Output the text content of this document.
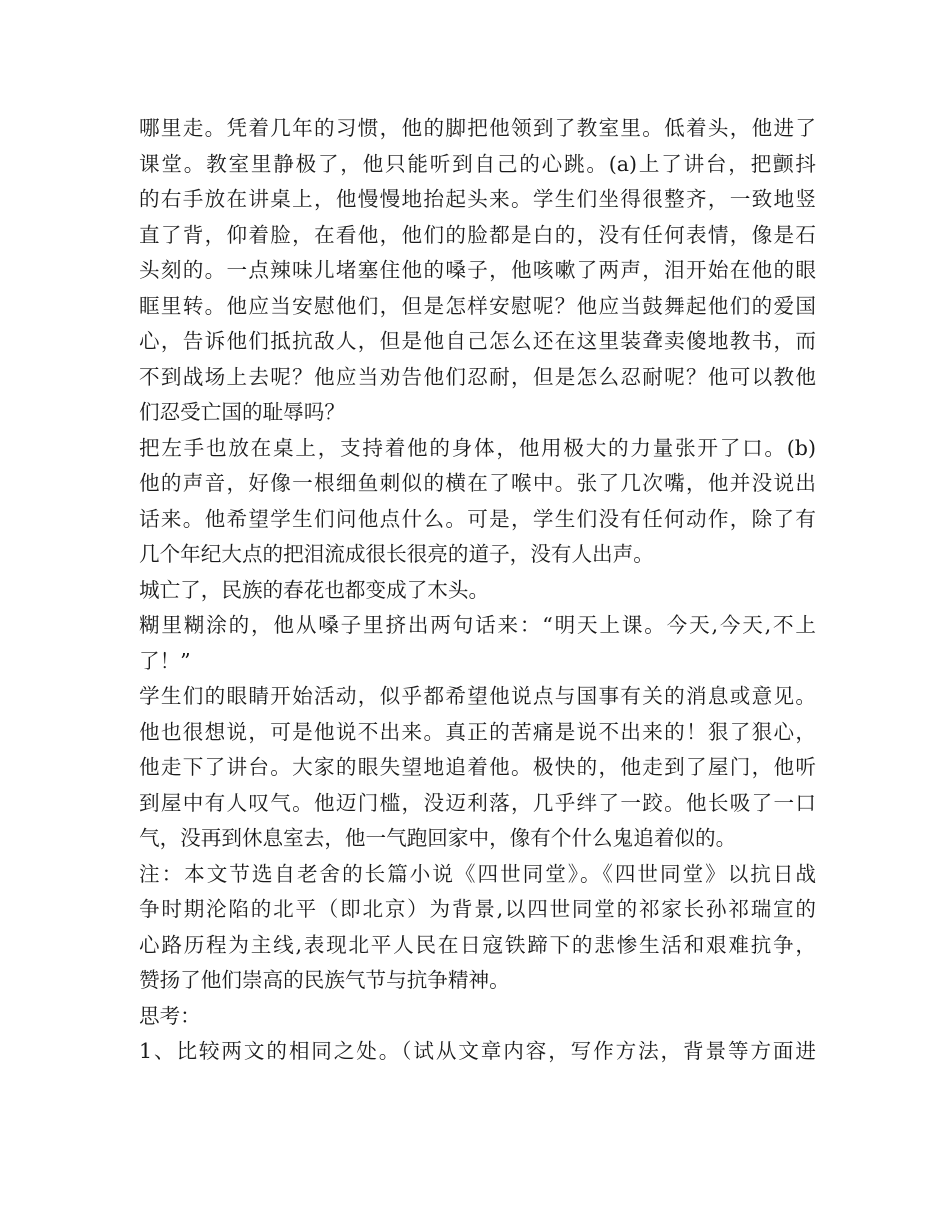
哪里走。凭着几年的习惯，他的脚把他领到了教室里。低着头，他进了
课堂。教室里静极了，他只能听到自己的心跳。(a)上了讲台，把颤抖
的右手放在讲桌上，他慢慢地抬起头来。学生们坐得很整齐，一致地竖
直了背，仰着脸，在看他，他们的脸都是白的，没有任何表情，像是石
头刻的。一点辣味儿堵塞住他的嗓子，他咳嗽了两声，泪开始在他的眼
眶里转。他应当安慰他们，但是怎样安慰呢？他应当鼓舞起他们的爱国
心，告诉他们抵抗敌人，但是他自己怎么还在这里装聋卖傻地教书，而
不到战场上去呢？他应当劝告他们忍耐，但是怎么忍耐呢？他可以教他
们忍受亡国的耻辱吗？
把左手也放在桌上，支持着他的身体，他用极大的力量张开了口。(b)
他的声音，好像一根细鱼刺似的横在了喉中。张了几次嘴，他并没说出
话来。他希望学生们问他点什么。可是，学生们没有任何动作，除了有
几个年纪大点的把泪流成很长很亮的道子，没有人出声。
城亡了，民族的春花也都变成了木头。
糊里糊涂的，他从嗓子里挤出两句话来：“明天上课。今天,今天,不上
了！”
学生们的眼睛开始活动，似乎都希望他说点与国事有关的消息或意见。
他也很想说，可是他说不出来。真正的苦痛是说不出来的！狠了狠心，
他走下了讲台。大家的眼失望地追着他。极快的，他走到了屋门，他听
到屋中有人叹气。他迈门槛，没迈利落，几乎绊了一跤。他长吸了一口
气，没再到休息室去，他一气跑回家中，像有个什么鬼追着似的。
注：本文节选自老舍的长篇小说《四世同堂》。《四世同堂》以抗日战
争时期沦陷的北平（即北京）为背景,以四世同堂的祁家长孙祁瑞宣的
心路历程为主线,表现北平人民在日寇铁蹄下的悲惨生活和艰难抗争，
赞扬了他们崇高的民族气节与抗争精神。
思考：
1、比较两文的相同之处。（试从文章内容，写作方法，背景等方面进
